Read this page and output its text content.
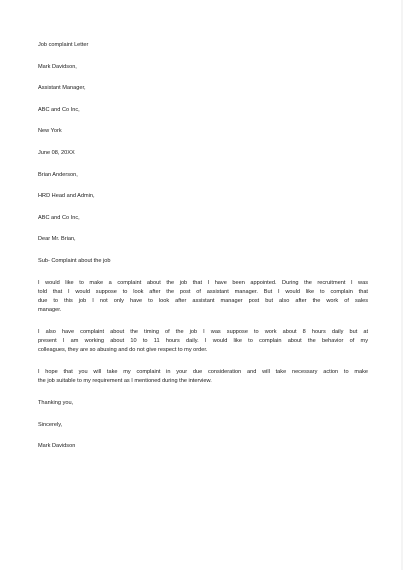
Job complaint Letter
Mark Davidson,
Assistant Manager,
ABC and Co Inc,
New York
June 08, 20XX
Brian Anderson,
HRD Head and Admin,
ABC and Co Inc,
Dear Mr. Brian,
Sub- Complaint about the job
I would like to make a complaint about the job that I have been appointed. During the recruitment I was
told that I would suppose to look after the post of assistant manager. But I would like to complain that
due to this job I not only have to look after assistant manager post but also after the work of sales
manager.
I also have complaint about the timing of the job I was suppose to work about 8 hours daily but at
present I am working about 10 to 11 hours daily. I would like to complain about the behavior of my
colleagues, they are so abusing and do not give respect to my order.
I hope that you will take my complaint in your due consideration and will take necessary action to make
the job suitable to my requirement as I mentioned during the interview.
Thanking you,
Sincerely,
Mark Davidson
